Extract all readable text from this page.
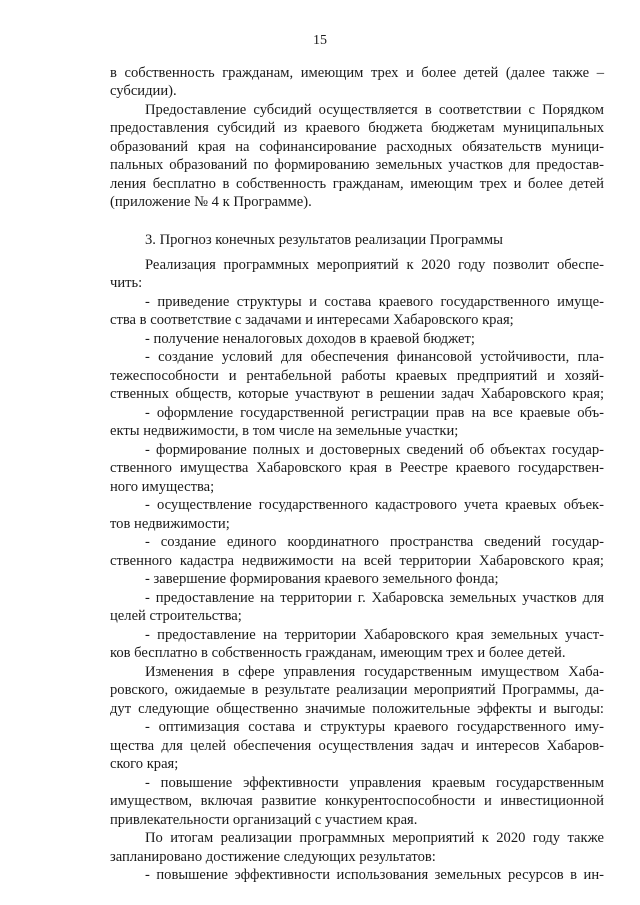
15
в собственность гражданам, имеющим трех и более детей (далее также –
субсидии).
Предоставление субсидий осуществляется в соответствии с Порядком
предоставления субсидий из краевого бюджета бюджетам муниципальных
образований края на софинансирование расходных обязательств муници-
пальных образований по формированию земельных участков для предостав-
ления бесплатно в собственность гражданам, имеющим трех и более детей
(приложение № 4 к Программе).
3. Прогноз конечных результатов реализации Программы
Реализация программных мероприятий к 2020 году позволит обеспе-
чить:
- приведение структуры и состава краевого государственного имуще-
ства в соответствие с задачами и интересами Хабаровского края;
- получение неналоговых доходов в краевой бюджет;
- создание условий для обеспечения финансовой устойчивости, пла-
тежеспособности и рентабельной работы краевых предприятий и хозяй-
ственных обществ, которые участвуют в решении задач Хабаровского края;
- оформление государственной регистрации прав на все краевые объ-
екты недвижимости, в том числе на земельные участки;
- формирование полных и достоверных сведений об объектах государ-
ственного имущества Хабаровского края в Реестре краевого государствен-
ного имущества;
- осуществление государственного кадастрового учета краевых объек-
тов недвижимости;
- создание единого координатного пространства сведений государ-
ственного кадастра недвижимости на всей территории Хабаровского края;
- завершение формирования краевого земельного фонда;
- предоставление на территории г. Хабаровска земельных участков для
целей строительства;
- предоставление на территории Хабаровского края земельных участ-
ков бесплатно в собственность гражданам, имеющим трех и более детей.
Изменения в сфере управления государственным имуществом Хаба-
ровского, ожидаемые в результате реализации мероприятий Программы, да-
дут следующие общественно значимые положительные эффекты и выгоды:
- оптимизация состава и структуры краевого государственного иму-
щества для целей обеспечения осуществления задач и интересов Хабаров-
ского края;
- повышение эффективности управления краевым государственным
имуществом, включая развитие конкурентоспособности и инвестиционной
привлекательности организаций с участием края.
По итогам реализации программных мероприятий к 2020 году также
запланировано достижение следующих результатов:
- повышение эффективности использования земельных ресурсов в ин-
